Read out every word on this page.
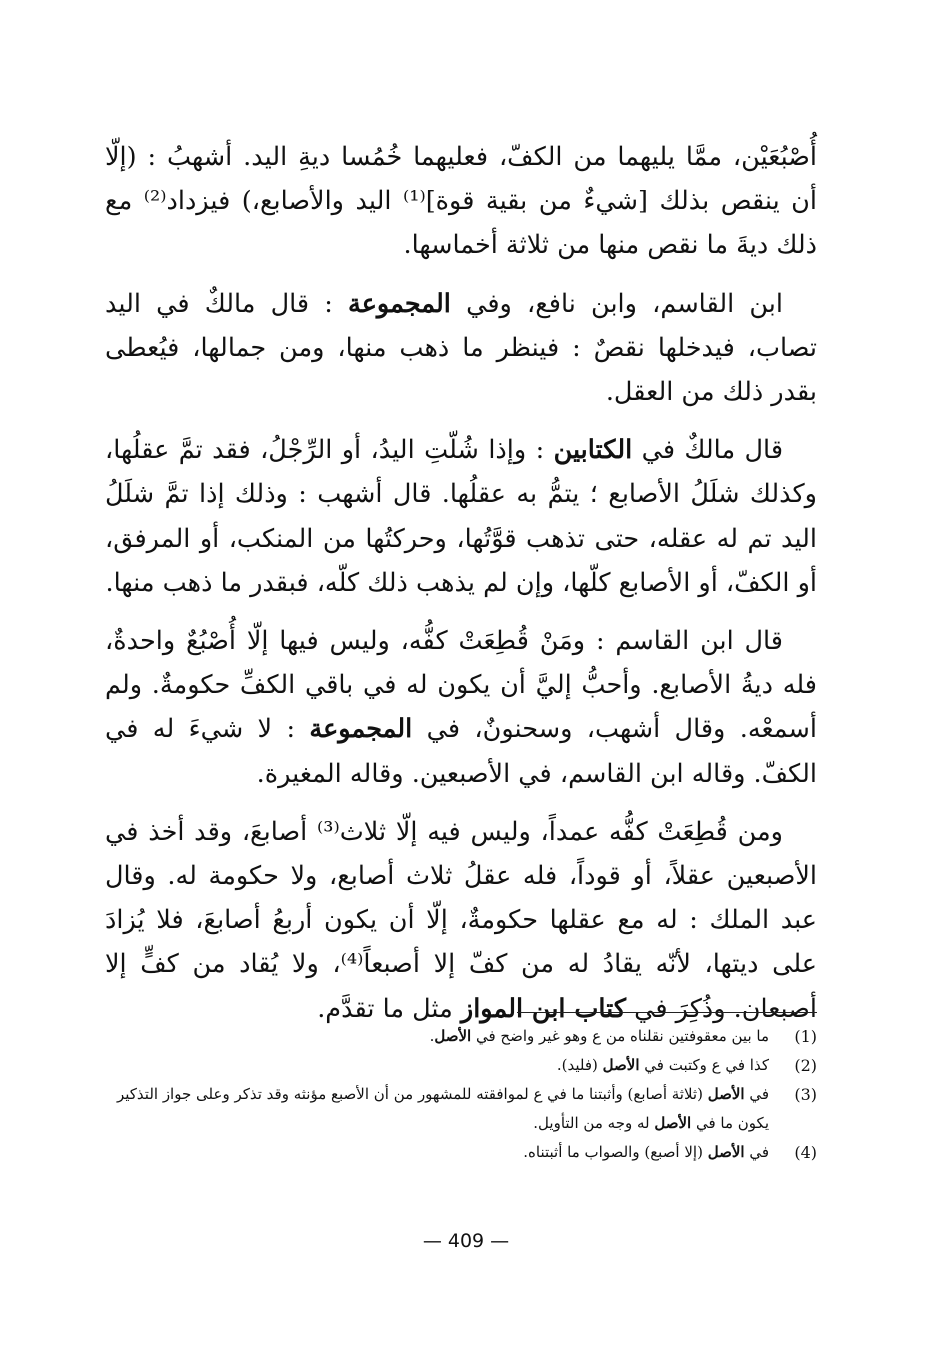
أُصْبُعَيْن، ممَّا يليهما من الكفّ، فعليهما خُمُسا ديةِ اليد. أشهبُ : (إلّا أن ينقص بذلك [شيءٌ من بقية قوة]⁽¹⁾ اليد والأصابع،) فيزداد⁽²⁾ مع ذلك ديةَ ما نقص منها من ثلاثة أخماسها.

ابن القاسم، وابن نافع، وفي المجموعة : قال مالكٌ في اليد تصاب، فيدخلها نقصٌ : فينظر ما ذهب منها، ومن جمالها، فيُعطى بقدر ذلك من العقل.

قال مالكٌ في الكتابين : وإذا شُلّتِ اليدُ، أو الرِّجْلُ، فقد تمَّ عقلُها، وكذلك شلَلُ الأصابع ؛ يتمُّ به عقلُها. قال أشهب : وذلك إذا تمَّ شلَلُ اليد تم له عقله، حتى تذهب قوَّتُها، وحركتُها من المنكب، أو المرفق، أو الكفّ، أو الأصابع كلّها، وإن لم يذهب ذلك كلّه، فبقدر ما ذهب منها.

قال ابن القاسم : ومَنْ قُطِعَتْ كفُّه، وليس فيها إلّا أُصْبُعٌ واحدةٌ، فله ديةُ الأصابع. وأحبُّ إليَّ أن يكون له في باقي الكفِّ حكومةٌ. ولم أسمعْه. وقال أشهب، وسحنونٌ، في المجموعة : لا شيءَ له في الكفّ. وقاله ابن القاسم، في الأصبعين. وقاله المغيرة.

ومن قُطِعَتْ كفُّه عمداً، وليس فيه إلّا ثلاث⁽³⁾ أصابعَ، وقد أخذ في الأصبعين عقلاً، أو قوداً، فله عقلُ ثلاث أصابع، ولا حكومة له. وقال عبد الملك : له مع عقلها حكومةٌ، إلّا أن يكون أربعُ أصابعَ، فلا يُزادَ على ديتها، لأنّه يقادُ له من كفّ إلا أصبعاً⁽⁴⁾، ولا يُقاد من كفٍّ إلا أصبعان. وذُكِرَ في كتاب ابن المواز مثل ما تقدَّم.

(1)
ما بين معقوفتين نقلناه من ع وهو غير واضح في الأصل.
(2)
كذا في ع وكتبت في الأصل (فليد).
(3)
في الأصل (ثلاثة أصابع) وأثبتنا ما في ع لموافقته للمشهور من أن الأصبع مؤنثه وقد تذكر وعلى جواز التذكير يكون ما في الأصل له وجه من التأويل.
(4)
في الأصل (إلا أصبع) والصواب ما أثبتناه.
— 409 —
